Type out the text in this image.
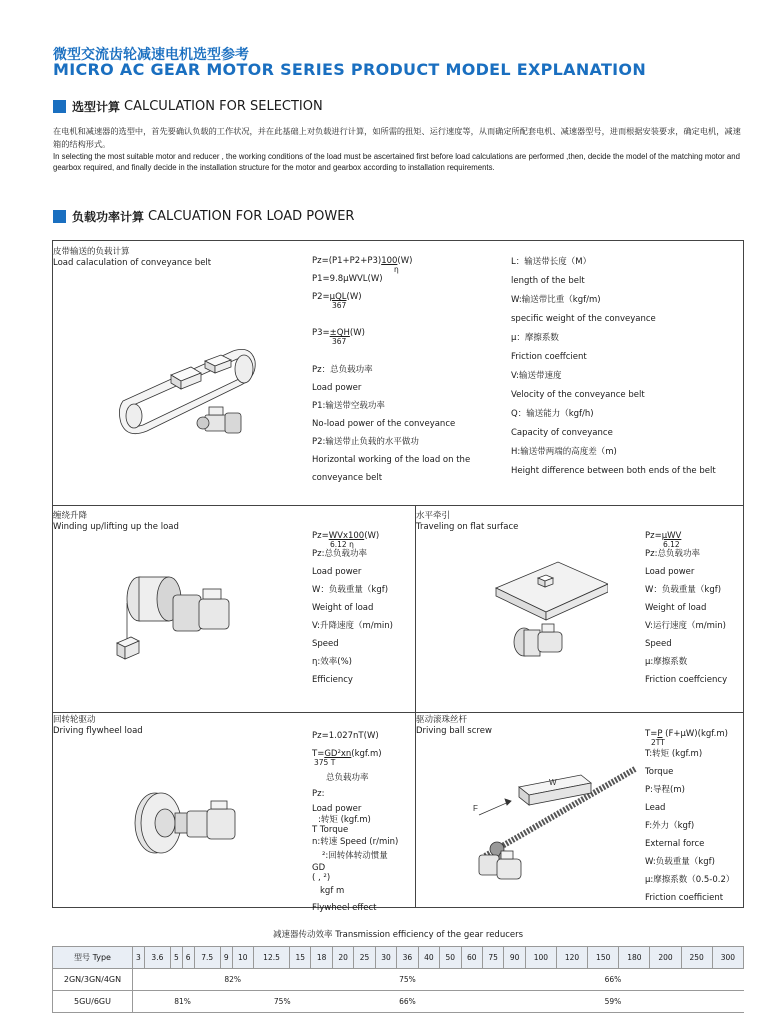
微型交流齿轮减速电机选型参考
MICRO AC GEAR MOTOR SERIES PRODUCT MODEL EXPLANATION
选型计算 CALCULATION FOR SELECTION
在电机和减速器的选型中，首先要确认负载的工作状况，并在此基础上对负载进行计算，如所需的扭矩、运行速度等，从而确定所配套电机、减速器型号，进而根据安装要求，确定电机，减速箱的结构形式。
In selecting the most suitable motor and reducer , the working conditions of the load must be ascertained first before load calculations are performed ,then, decide the model of the matching motor and gearbox required, and finally decide in the installation structure for the motor and gearbox according to installation requirements.
负载功率计算 CALCUATION FOR LOAD POWER
皮带输送的负载计算
Load calaculation of conveyance belt	Pz=(P1+P2+P3)100(W)
η
P1=9.8μWVL(W)
P2=μQL(W)
367
P3=±QH(W)
367
Pz：总负载功率
Load power
P1:输送带空载功率
No-load power of the conveyance
P2:输送带止负载的水平做功
Horizontal working of the load on the
conveyance belt
L：输送带长度（M）
length of the belt
W:输送带比重（kgf/m)
specific weight of the conveyance
μ：摩擦系数
Friction coeffcient
V:输送带速度
Velocity of the conveyance belt
Q：输送能力（kgf/h)
Capacity of conveyance
H:输送带两端的高度差（m)
Height difference between both ends of the belt
缠绕升降
Winding up/lifting up the load
Pz=WVx100(W)
6.12 η
Pz:总负载功率
Load power
W：负载重量（kgf)
Weight of load
V:升降速度（m/min)
Speed
η:效率(%)
Efficiency
水平牵引
Traveling on flat surface
Pz=μWV
6.12
Pz:总负载功率
Load power
W：负载重量（kgf)
Weight of load
V:运行速度（m/min)
Speed
μ:摩擦系数
Friction coeffciency
回转轮驱动
Driving flywheel load	Pz=1.027nT(W)
T=GD²xn(kgf.m)
375 T
总负载功率
Pz:
Load power
:转矩 (kgf.m)
T Torque
n:转速 Speed (r/min)
²:回转体转动惯量
GD
( , ²)
kgf m
Flywheel effect
驱动滚珠丝杆
Driving ball screw	T=P (F+μW)(kgf.m)
2TT
T:转矩 (kgf.m)
Torque
P:导程(m)
Lead
F:外力（kgf)
External force
W:负载重量（kgf)
μ:摩擦系数（0.5-0.2）
Friction coefficient
F
W
减速器传动效率 Transmission efficiency of the gear reducers
型号 Type	3	3.6	5	6	7.5	9	10	12.5	15	18	20	25	30	36	40	50	60	75	90	100	120	150	180	200	250	300
2GN/3GN/4GN	82%										75%							66%								
5GU/6GU	81%						75%				66%							59%								
